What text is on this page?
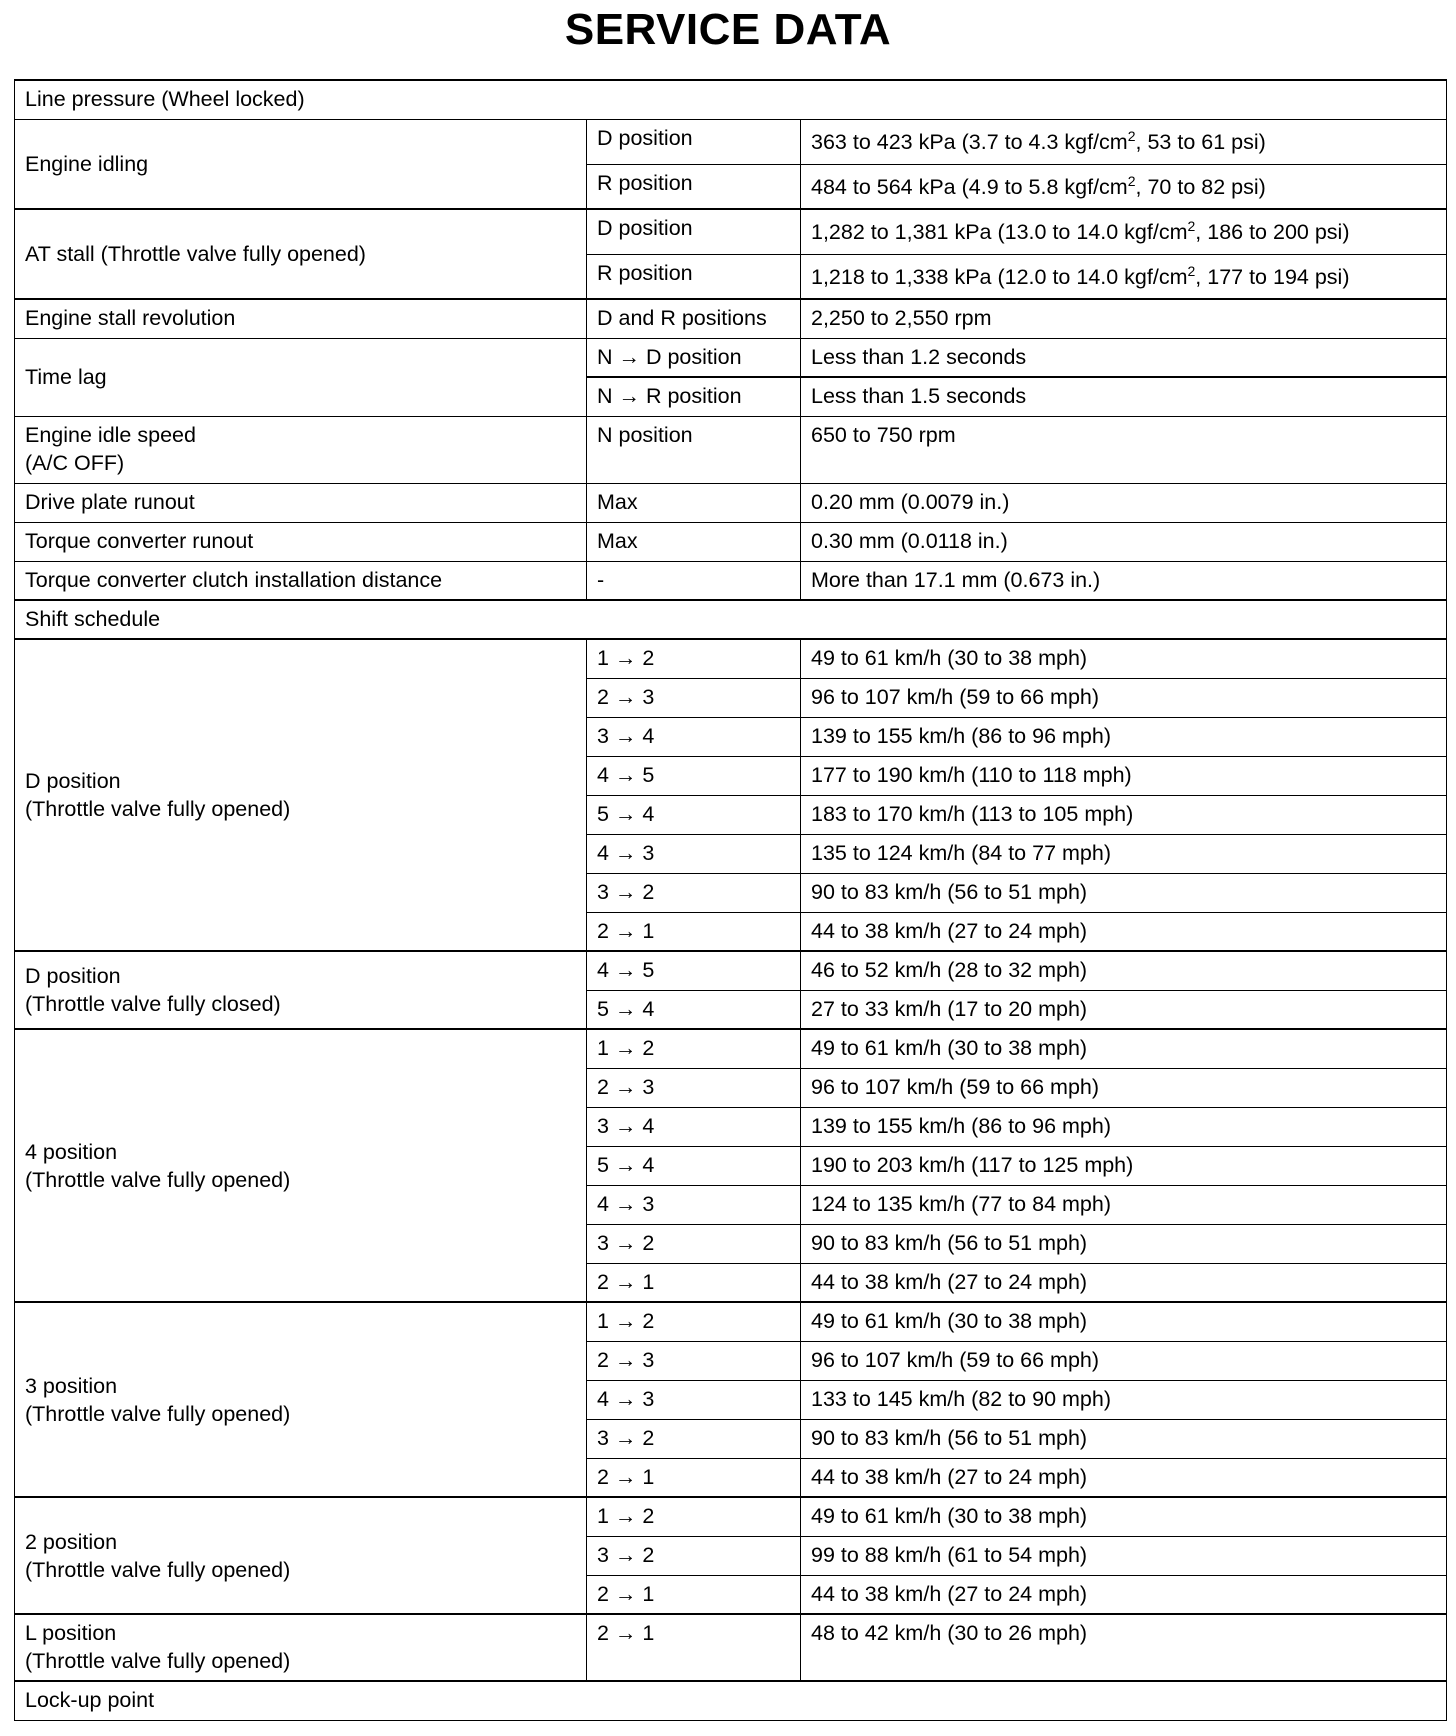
SERVICE DATA
Line pressure (Wheel locked)		
Engine idling	D position	363 to 423 kPa (3.7 to 4.3 kgf/$cm^2$, 53 to 61 psi)
	R position	484 to 564 kPa (4.9 to 5.8 kgf/$cm^2$, 70 to 82 psi)
AT stall (Throttle valve fully opened)	D position	1,282 to 1,381 kPa (13.0 to 14.0 kgf/$cm^2$, 186 to 200 psi)
	R position	1,218 to 1,338 kPa (12.0 to 14.0 kgf/$cm^2$, 177 to 194 psi)
Engine stall revolution	D and R positions	2,250 to 2,550 rpm
Time lag	N → D position	Less than 1.2 seconds
	N → R position	Less than 1.5 seconds
Engine idle speed
(A/C OFF)	N position	650 to 750 rpm
Drive plate runout	Max	0.20 mm (0.0079 in.)
Torque converter runout	Max	0.30 mm (0.0118 in.)
Torque converter clutch installation distance	-	More than 17.1 mm (0.673 in.)
Shift schedule		
D position
(Throttle valve fully opened)	1 → 2	49 to 61 km/h (30 to 38 mph)
	2 → 3	96 to 107 km/h (59 to 66 mph)
	3 → 4	139 to 155 km/h (86 to 96 mph)
	4 → 5	177 to 190 km/h (110 to 118 mph)
	5 → 4	183 to 170 km/h (113 to 105 mph)
	4 → 3	135 to 124 km/h (84 to 77 mph)
	3 → 2	90 to 83 km/h (56 to 51 mph)
	2 → 1	44 to 38 km/h (27 to 24 mph)
D position
(Throttle valve fully closed)	4 → 5	46 to 52 km/h (28 to 32 mph)
	5 → 4	27 to 33 km/h (17 to 20 mph)
4 position
(Throttle valve fully opened)	1 → 2	49 to 61 km/h (30 to 38 mph)
	2 → 3	96 to 107 km/h (59 to 66 mph)
	3 → 4	139 to 155 km/h (86 to 96 mph)
	5 → 4	190 to 203 km/h (117 to 125 mph)
	4 → 3	124 to 135 km/h (77 to 84 mph)
	3 → 2	90 to 83 km/h (56 to 51 mph)
	2 → 1	44 to 38 km/h (27 to 24 mph)
3 position
(Throttle valve fully opened)	1 → 2	49 to 61 km/h (30 to 38 mph)
	2 → 3	96 to 107 km/h (59 to 66 mph)
	4 → 3	133 to 145 km/h (82 to 90 mph)
	3 → 2	90 to 83 km/h (56 to 51 mph)
	2 → 1	44 to 38 km/h (27 to 24 mph)
2 position
(Throttle valve fully opened)	1 → 2	49 to 61 km/h (30 to 38 mph)
	3 → 2	99 to 88 km/h (61 to 54 mph)
	2 → 1	44 to 38 km/h (27 to 24 mph)
L position
(Throttle valve fully opened)	2 → 1	48 to 42 km/h (30 to 26 mph)
Lock-up point		
